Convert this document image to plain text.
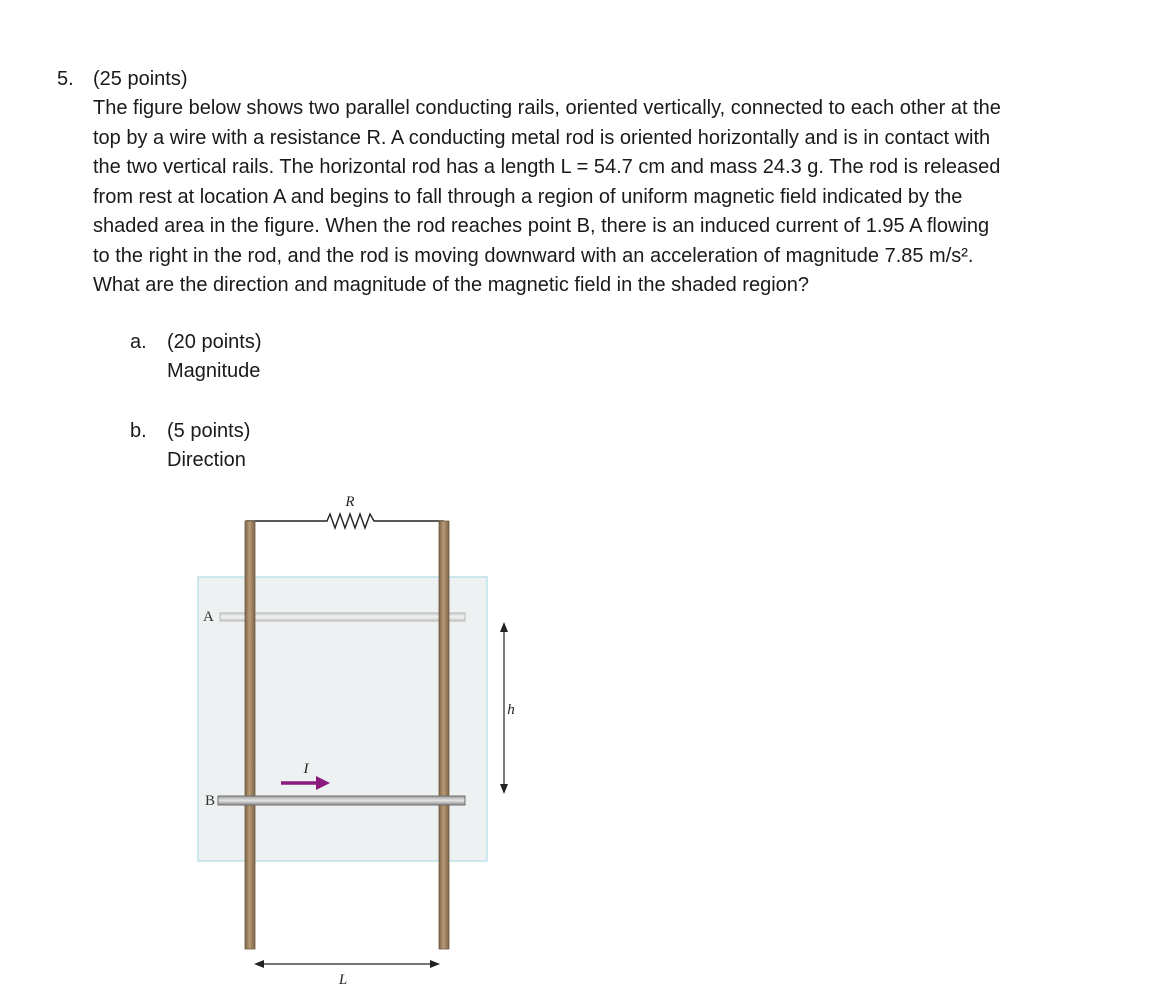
5. (25 points)
The figure below shows two parallel conducting rails, oriented vertically, connected to each other at the
top by a wire with a resistance R. A conducting metal rod is oriented horizontally and is in contact with
the two vertical rails. The horizontal rod has a length L = 54.7 cm and mass 24.3 g. The rod is released
from rest at location A and begins to fall through a region of uniform magnetic field indicated by the
shaded area in the figure. When the rod reaches point B, there is an induced current of 1.95 A flowing
to the right in the rod, and the rod is moving downward with an acceleration of magnitude 7.85 m/s².
What are the direction and magnitude of the magnetic field in the shaded region?
a. (20 points)
Magnitude
b. (5 points)
Direction
R
A
B
I
h
L
